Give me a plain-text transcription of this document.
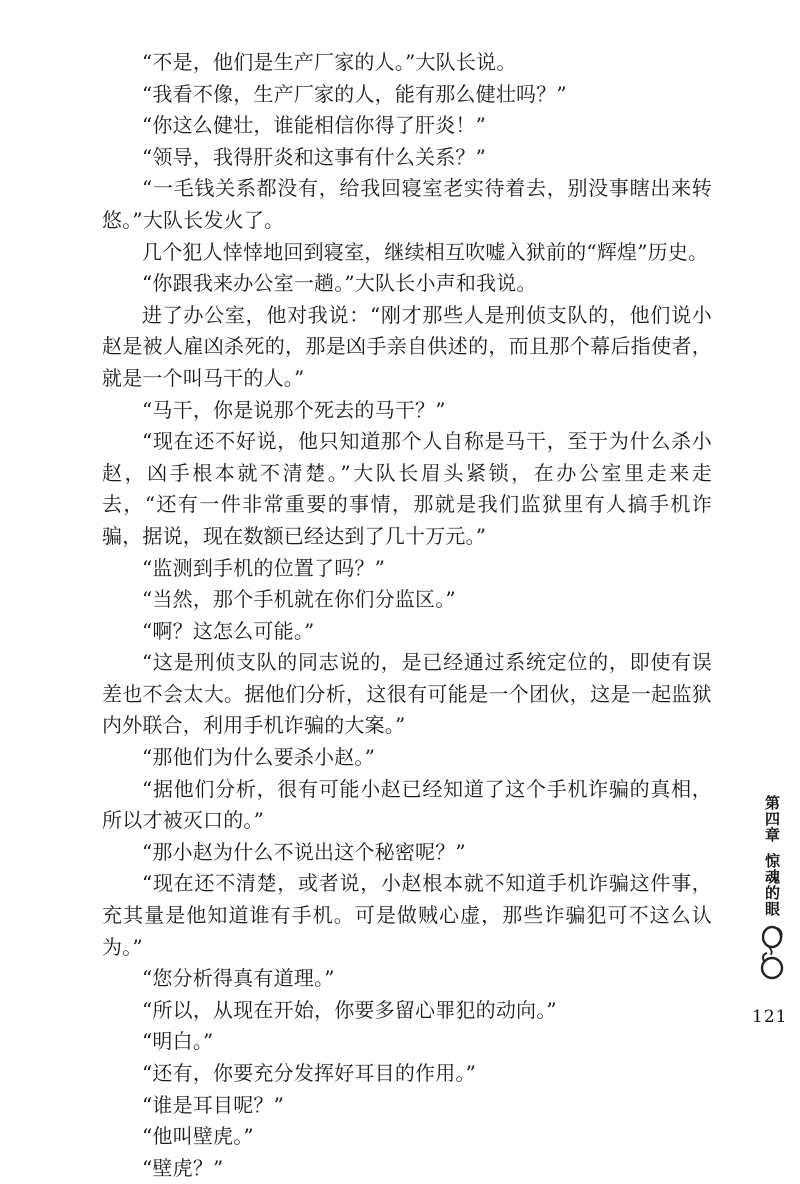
“不是，他们是生产厂家的人。”大队长说。

“我看不像，生产厂家的人，能有那么健壮吗？”

“你这么健壮，谁能相信你得了肝炎！”

“领导，我得肝炎和这事有什么关系？”

“一毛钱关系都没有，给我回寝室老实待着去，别没事瞎出来转悠。”大队长发火了。

几个犯人悻悻地回到寝室，继续相互吹嘘入狱前的“辉煌”历史。

“你跟我来办公室一趟。”大队长小声和我说。

进了办公室，他对我说：“刚才那些人是刑侦支队的，他们说小赵是被人雇凶杀死的，那是凶手亲自供述的，而且那个幕后指使者，就是一个叫马干的人。”

“马干，你是说那个死去的马干？”

“现在还不好说，他只知道那个人自称是马干，至于为什么杀小赵，凶手根本就不清楚。”大队长眉头紧锁，在办公室里走来走去，“还有一件非常重要的事情，那就是我们监狱里有人搞手机诈骗，据说，现在数额已经达到了几十万元。”

“监测到手机的位置了吗？”

“当然，那个手机就在你们分监区。”

“啊？这怎么可能。”

“这是刑侦支队的同志说的，是已经通过系统定位的，即使有误差也不会太大。据他们分析，这很有可能是一个团伙，这是一起监狱内外联合，利用手机诈骗的大案。”

“那他们为什么要杀小赵。”

“据他们分析，很有可能小赵已经知道了这个手机诈骗的真相，所以才被灭口的。”

“那小赵为什么不说出这个秘密呢？”

“现在还不清楚，或者说，小赵根本就不知道手机诈骗这件事，充其量是他知道谁有手机。可是做贼心虚，那些诈骗犯可不这么认为。”

“您分析得真有道理。”

“所以，从现在开始，你要多留心罪犯的动向。”

“明白。”

“还有，你要充分发挥好耳目的作用。”

“谁是耳目呢？”

“他叫壁虎。”

“壁虎？”

第四章惊魂的眼
121
